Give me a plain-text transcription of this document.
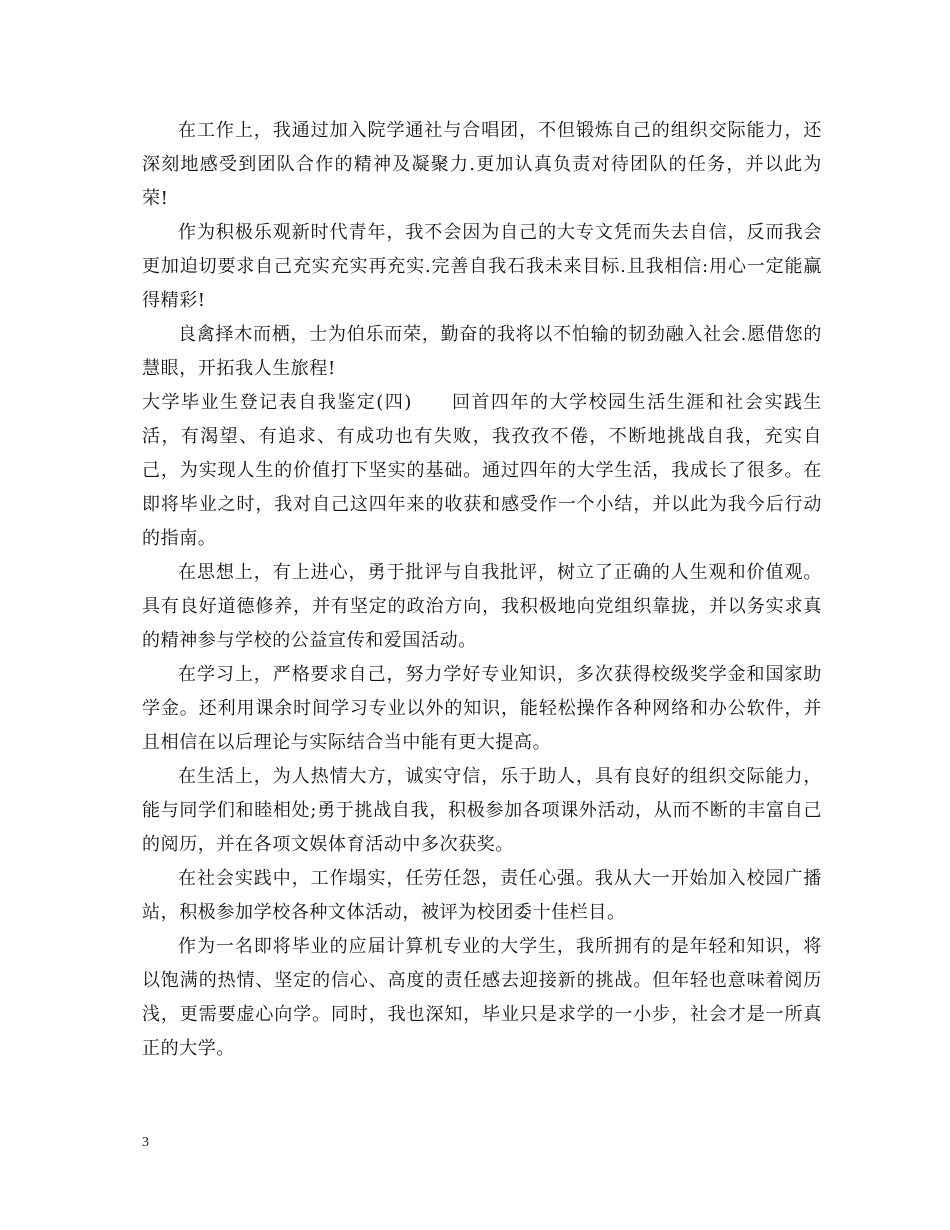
在工作上，我通过加入院学通社与合唱团，不但锻炼自己的组织交际能力，还深刻地感受到团队合作的精神及凝聚力.更加认真负责对待团队的任务，并以此为荣!

作为积极乐观新时代青年，我不会因为自己的大专文凭而失去自信，反而我会更加迫切要求自己充实充实再充实.完善自我石我未来目标.且我相信:用心一定能赢得精彩!

良禽择木而栖，士为伯乐而荣，勤奋的我将以不怕输的韧劲融入社会.愿借您的慧眼，开拓我人生旅程!

大学毕业生登记表自我鉴定(四)　　回首四年的大学校园生活生涯和社会实践生活，有渴望、有追求、有成功也有失败，我孜孜不倦，不断地挑战自我，充实自己，为实现人生的价值打下坚实的基础。通过四年的大学生活，我成长了很多。在即将毕业之时，我对自己这四年来的收获和感受作一个小结，并以此为我今后行动的指南。

在思想上，有上进心，勇于批评与自我批评，树立了正确的人生观和价值观。具有良好道德修养，并有坚定的政治方向，我积极地向党组织靠拢，并以务实求真的精神参与学校的公益宣传和爱国活动。

在学习上，严格要求自己，努力学好专业知识，多次获得校级奖学金和国家助学金。还利用课余时间学习专业以外的知识，能轻松操作各种网络和办公软件，并且相信在以后理论与实际结合当中能有更大提高。

在生活上，为人热情大方，诚实守信，乐于助人，具有良好的组织交际能力，能与同学们和睦相处;勇于挑战自我，积极参加各项课外活动，从而不断的丰富自己的阅历，并在各项文娱体育活动中多次获奖。

在社会实践中，工作塌实，任劳任怨，责任心强。我从大一开始加入校园广播站，积极参加学校各种文体活动，被评为校团委十佳栏目。

作为一名即将毕业的应届计算机专业的大学生，我所拥有的是年轻和知识，将以饱满的热情、坚定的信心、高度的责任感去迎接新的挑战。但年轻也意味着阅历浅，更需要虚心向学。同时，我也深知，毕业只是求学的一小步，社会才是一所真正的大学。

3
